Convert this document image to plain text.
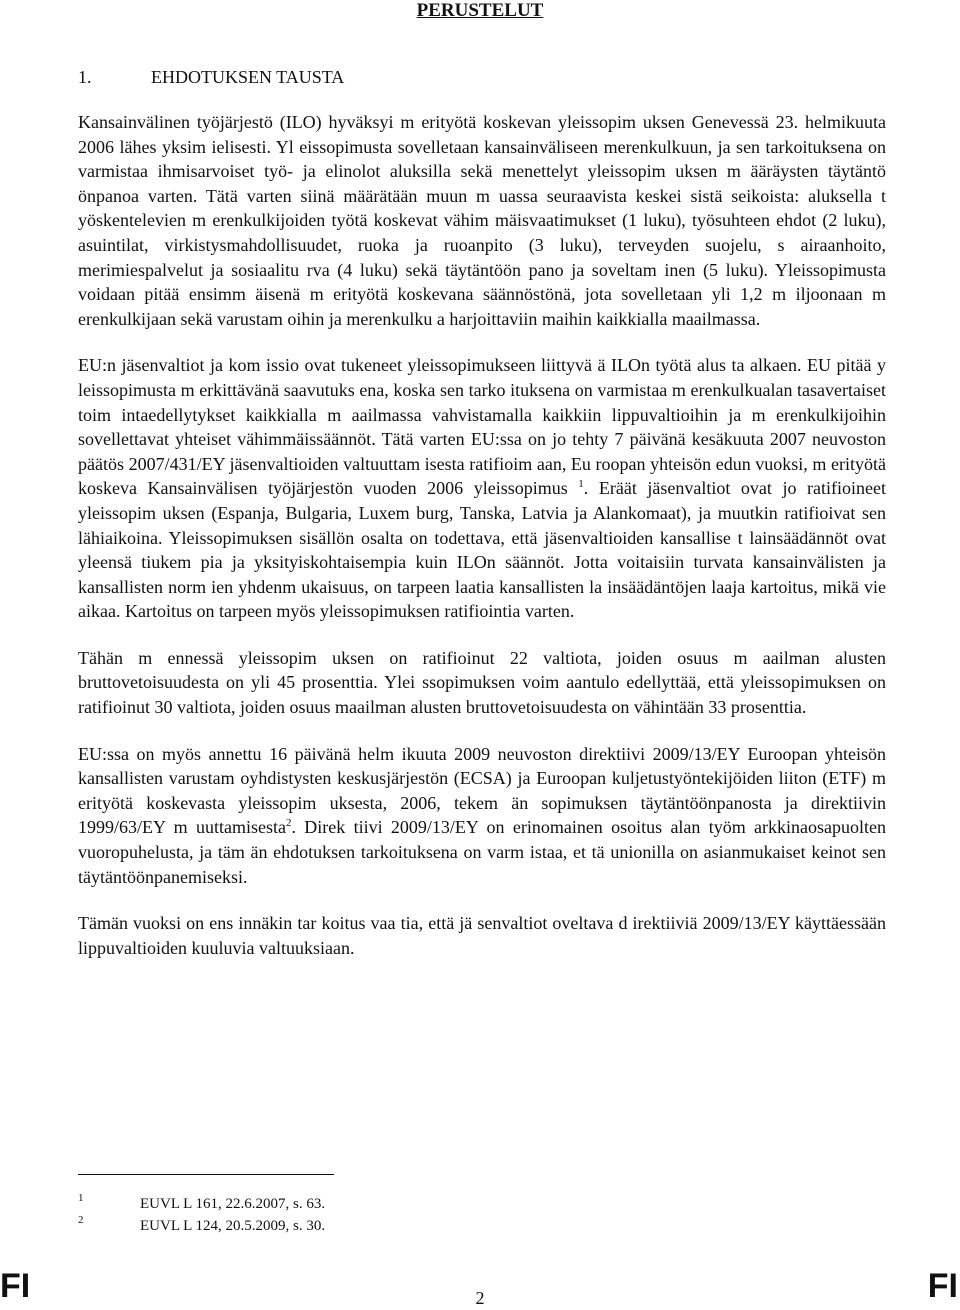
PERUSTELUT
1.	EHDOTUKSEN TAUSTA

Kansainvälinen työjärjestö (ILO) hyväksyi m erityötä koskevan yleissopim uksen Genevessä 23. helmikuuta 2006 lähes yksim ielisesti. Yl eissopimusta sovelletaan kansainväliseen merenkulkuun, ja sen tarkoituksena on varmistaa ihmisarvoiset työ- ja elinolot aluksilla sekä menettelyt yleissopim uksen m ääräysten täytäntö önpanoa varten. Tätä varten siinä määrätään muun m uassa seuraavista keskei sistä seikoista: aluksella t yöskentelevien m erenkulkijoiden työtä koskevat vähim mäisvaatimukset (1 luku), työsuhteen ehdot (2 luku), asuintilat, virkistysmahdollisuudet, ruoka ja ruoanpito (3 luku), terveyden suojelu, s airaanhoito, merimiespalvelut ja sosiaalitu rva (4 luku) sekä täytäntöön pano ja soveltam inen (5 luku). Yleissopimusta voidaan pitää ensimm äisenä m erityötä koskevana säännöstönä, jota sovelletaan yli 1,2 m iljoonaan m erenkulkijaan sekä varustam oihin ja merenkulku a harjoittaviin maihin kaikkialla maailmassa.

EU:n jäsenvaltiot ja kom issio ovat tukeneet yleissopimukseen liittyvä ä ILOn työtä alus ta alkaen. EU pitää y leissopimusta m erkittävänä saavutuks ena, koska sen tarko ituksena on varmistaa m erenkulkualan tasavertaiset toim intaedellytykset kaikkialla m aailmassa vahvistamalla kaikkiin lippuvaltioihin ja m erenkulkijoihin sovellettavat yhteiset vähimmäissäännöt. Tätä varten EU:ssa on jo tehty 7 päivänä kesäkuuta 2007 neuvoston päätös 2007/431/EY jäsenvaltioiden valtuuttam isesta ratifioim aan, Eu roopan yhteisön edun vuoksi, m erityötä koskeva Kansainvälisen työjärjestön vuoden 2006 yleissopimus $^1$. Eräät jäsenvaltiot ovat jo ratifioineet yleissopim uksen (Espanja, Bulgaria, Luxem burg, Tanska, Latvia ja Alankomaat), ja muutkin ratifioivat sen lähiaikoina. Yleissopimuksen sisällön osalta on todettava, että jäsenvaltioiden kansallise t lainsäädännöt ovat yleensä tiukem pia ja yksityiskohtaisempia kuin ILOn säännöt. Jotta voitaisiin turvata kansainvälisten ja kansallisten norm ien yhdenm ukaisuus, on tarpeen laatia kansallisten la insäädäntöjen laaja kartoitus, mikä vie aikaa. Kartoitus on tarpeen myös yleissopimuksen ratifiointia varten.

Tähän m ennessä yleissopim uksen on ratifioinut 22 valtiota, joiden osuus m aailman alusten bruttovetoisuudesta on yli 45 prosenttia. Ylei ssopimuksen voim aantulo edellyttää, että yleissopimuksen on ratifioinut 30 valtiota, joiden osuus maailman alusten bruttovetoisuudesta on vähintään 33 prosenttia.

EU:ssa on myös annettu 16 päivänä helm ikuuta 2009 neuvoston direktiivi 2009/13/EY Euroopan yhteisön kansallisten varustam oyhdistysten keskusjärjestön (ECSA) ja Euroopan kuljetustyöntekijöiden liiton (ETF) m erityötä koskevasta yleissopim uksesta, 2006, tekem än sopimuksen täytäntöönpanosta ja direktiivin 1999/63/EY m uuttamisesta$^2$. Direk tiivi 2009/13/EY on erinomainen osoitus alan työm arkkinaosapuolten vuoropuhelusta, ja täm än ehdotuksen tarkoituksena on varm istaa, et tä unionilla on asianmukaiset keinot sen täytäntöönpanemiseksi.

Tämän vuoksi on ens innäkin tar koitus vaa tia, että jä senvaltiot oveltava d irektiiviä 2009/13/EY käyttäessään lippuvaltioiden kuuluvia valtuuksiaan.

1	EUVL L 161, 22.6.2007, s. 63.
2	EUVL L 124, 20.5.2009, s. 30.
FI	2	FI
